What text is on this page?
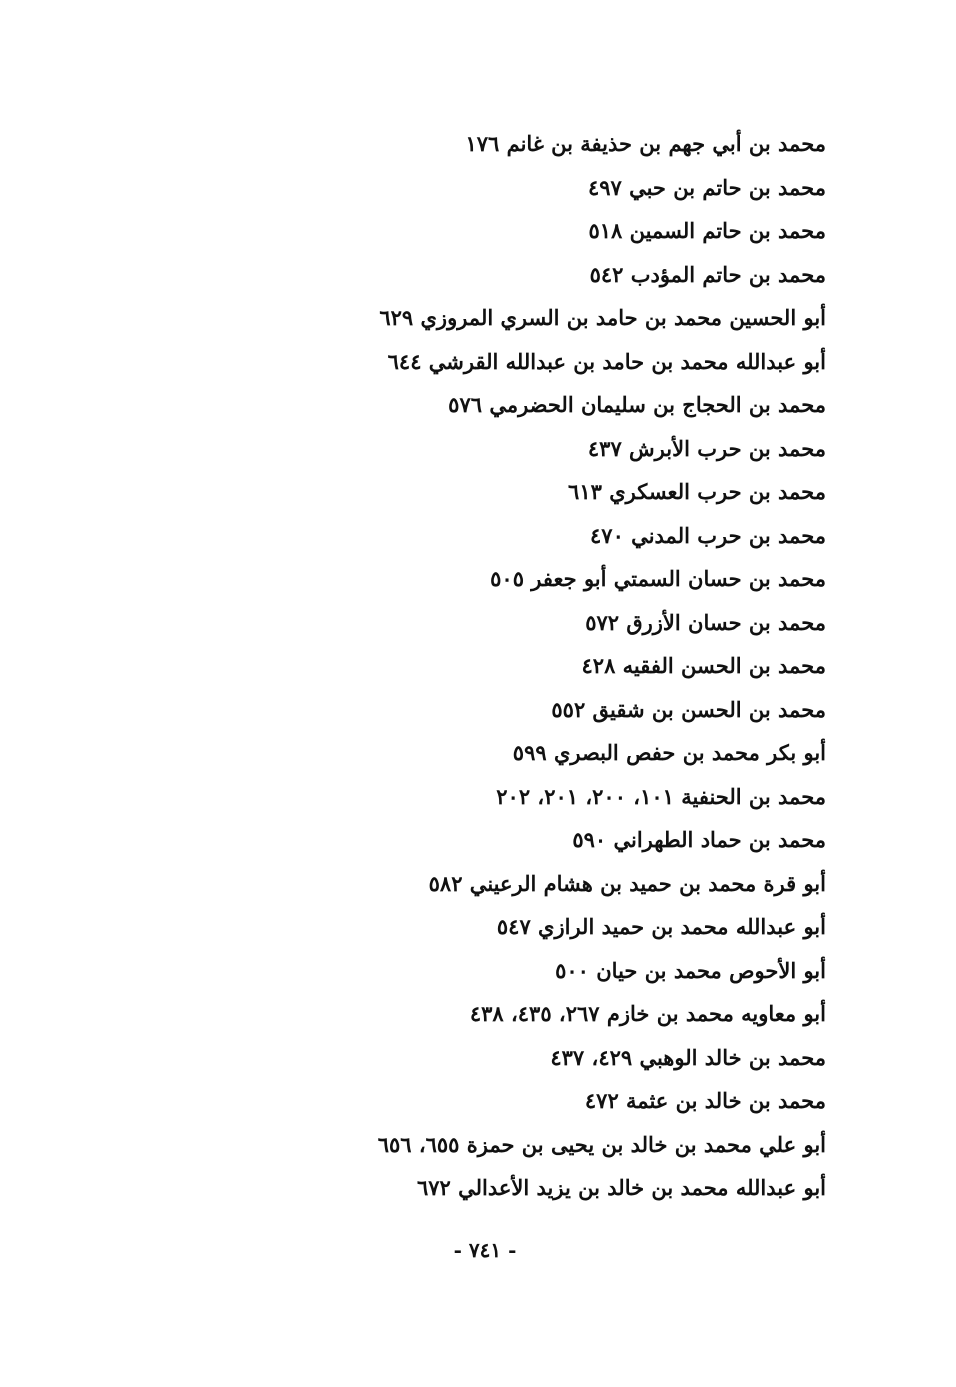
محمد بن أبي جهم بن حذيفة بن غانم ١٧٦
محمد بن حاتم بن حبي ٤٩٧
محمد بن حاتم السمين ٥١٨
محمد بن حاتم المؤدب ٥٤٢
أبو الحسين محمد بن حامد بن السري المروزي ٦٢٩
أبو عبدالله محمد بن حامد بن عبدالله القرشي ٦٤٤
محمد بن الحجاج بن سليمان الحضرمي ٥٧٦
محمد بن حرب الأبرش ٤٣٧
محمد بن حرب العسكري ٦١٣
محمد بن حرب المدني ٤٧٠
محمد بن حسان السمتي أبو جعفر ٥٠٥
محمد بن حسان الأزرق ٥٧٢
محمد بن الحسن الفقيه ٤٢٨
محمد بن الحسن بن شقيق ٥٥٢
أبو بكر محمد بن حفص البصري ٥٩٩
محمد بن الحنفية ١٠١، ٢٠٠، ٢٠١، ٢٠٢
محمد بن حماد الطهراني ٥٩٠
أبو قرة محمد بن حميد بن هشام الرعيني ٥٨٢
أبو عبدالله محمد بن حميد الرازي ٥٤٧
أبو الأحوص محمد بن حيان ٥٠٠
أبو معاويه محمد بن خازم ٢٦٧، ٤٣٥، ٤٣٨
محمد بن خالد الوهبي ٤٢٩، ٤٣٧
محمد بن خالد بن عثمة ٤٧٢
أبو علي محمد بن خالد بن يحيى بن حمزة ٦٥٥، ٦٥٦
أبو عبدالله محمد بن خالد بن يزيد الأعدالي ٦٧٢
- ٧٤١ -
